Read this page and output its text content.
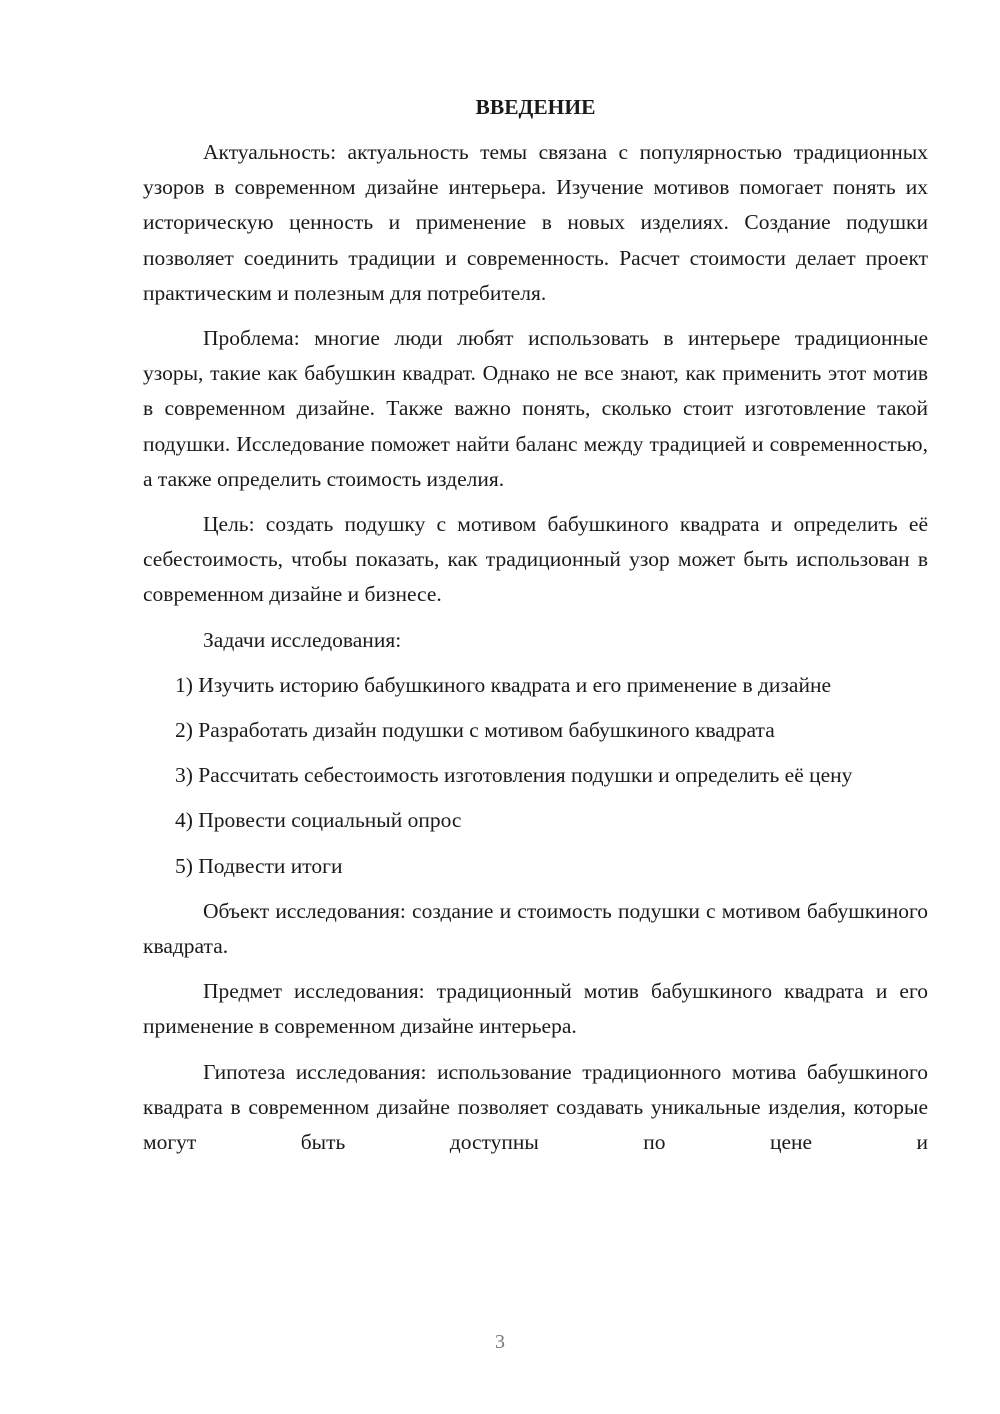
ВВЕДЕНИЕ

Актуальность: актуальность темы связана с популярностью традиционных узоров в современном дизайне интерьера. Изучение мотивов помогает понять их историческую ценность и применение в новых изделиях. Создание подушки позволяет соединить традиции и современность. Расчет стоимости делает проект практическим и полезным для потребителя.

Проблема: многие люди любят использовать в интерьере традиционные узоры, такие как бабушкин квадрат. Однако не все знают, как применить этот мотив в современном дизайне. Также важно понять, сколько стоит изготовление такой подушки. Исследование поможет найти баланс между традицией и современностью, а также определить стоимость изделия.

Цель: создать подушку с мотивом бабушкиного квадрата и определить её себестоимость, чтобы показать, как традиционный узор может быть использован в современном дизайне и бизнесе.

Задачи исследования:

1) Изучить историю бабушкиного квадрата и его применение в дизайне

2) Разработать дизайн подушки с мотивом бабушкиного квадрата

3) Рассчитать себестоимость изготовления подушки и определить её цену

4) Провести социальный опрос

5) Подвести итоги

Объект исследования: создание и стоимость подушки с мотивом бабушкиного квадрата.

Предмет исследования: традиционный мотив бабушкиного квадрата и его применение в современном дизайне интерьера.

Гипотеза исследования: использование традиционного мотива бабушкиного квадрата в современном дизайне позволяет создавать уникальные изделия, которые могут быть доступны по цене и

3
